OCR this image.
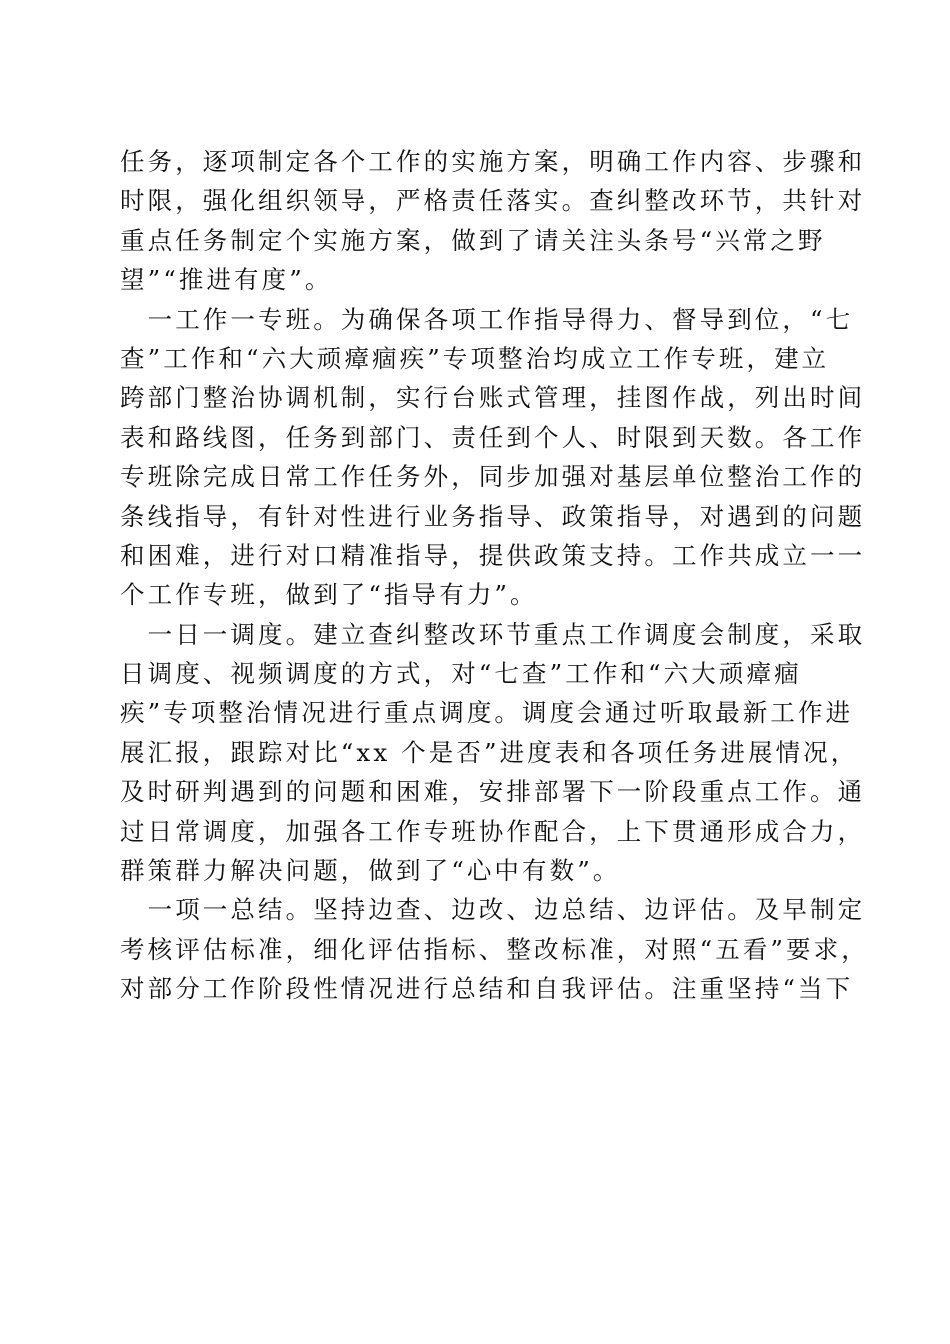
任务，逐项制定各个工作的实施方案，明确工作内容、步骤和
时限，强化组织领导，严格责任落实。查纠整改环节，共针对
重点任务制定个实施方案，做到了请关注头条号“兴常之野
望”“推进有度”。
　一工作一专班。为确保各项工作指导得力、督导到位，“七
查”工作和“六大顽瘴痼疾”专项整治均成立工作专班，建立
跨部门整治协调机制，实行台账式管理，挂图作战，列出时间
表和路线图，任务到部门、责任到个人、时限到天数。各工作
专班除完成日常工作任务外，同步加强对基层单位整治工作的
条线指导，有针对性进行业务指导、政策指导，对遇到的问题
和困难，进行对口精准指导，提供政策支持。工作共成立一一
个工作专班，做到了“指导有力”。
　一日一调度。建立查纠整改环节重点工作调度会制度，采取
日调度、视频调度的方式，对“七查”工作和“六大顽瘴痼
疾”专项整治情况进行重点调度。调度会通过听取最新工作进
展汇报，跟踪对比“xx 个是否”进度表和各项任务进展情况，
及时研判遇到的问题和困难，安排部署下一阶段重点工作。通
过日常调度，加强各工作专班协作配合，上下贯通形成合力，
群策群力解决问题，做到了“心中有数”。
　一项一总结。坚持边查、边改、边总结、边评估。及早制定
考核评估标准，细化评估指标、整改标准，对照“五看”要求，
对部分工作阶段性情况进行总结和自我评估。注重坚持“当下
